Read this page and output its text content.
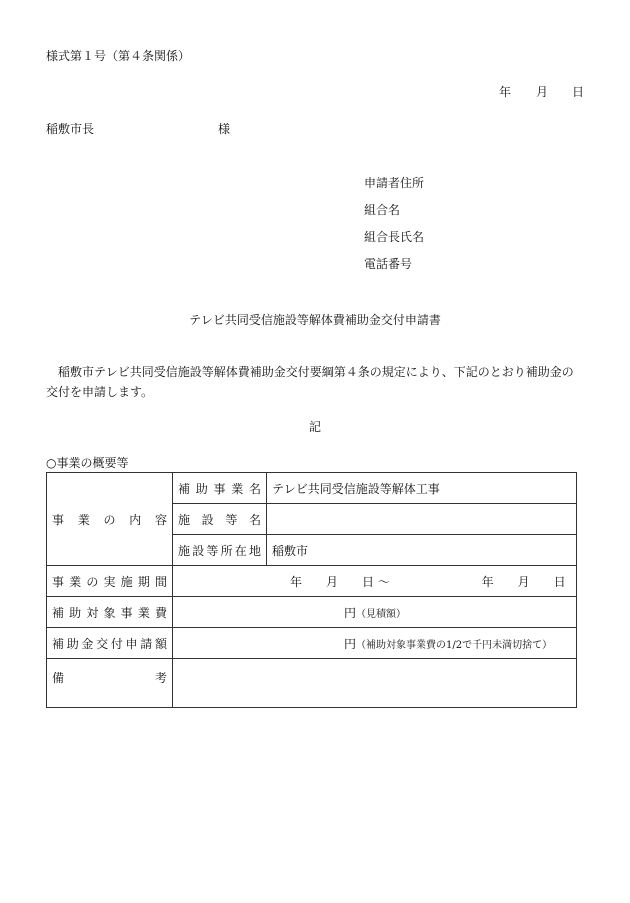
様式第１号（第４条関係）
年 月 日
稲敷市長	様
申請者住所
組合名
組合長氏名
電話番号
テレビ共同受信施設等解体費補助金交付申請書
稲敷市テレビ共同受信施設等解体費補助金交付要綱第４条の規定により、下記のとおり補助金の交付を申請します。
記
○事業の概要等
事業の内容	補助事業名	テレビ共同受信施設等解体工事

	施設等名	

	施設等所在地	稲敷市

事業の実施期間	年　　月　　日 ～ 年　　月　　日	

補助対象事業費	円（見積額）	

補助金交付申請額	円（補助対象事業費の1/2で千円未満切捨て）	

備考		
